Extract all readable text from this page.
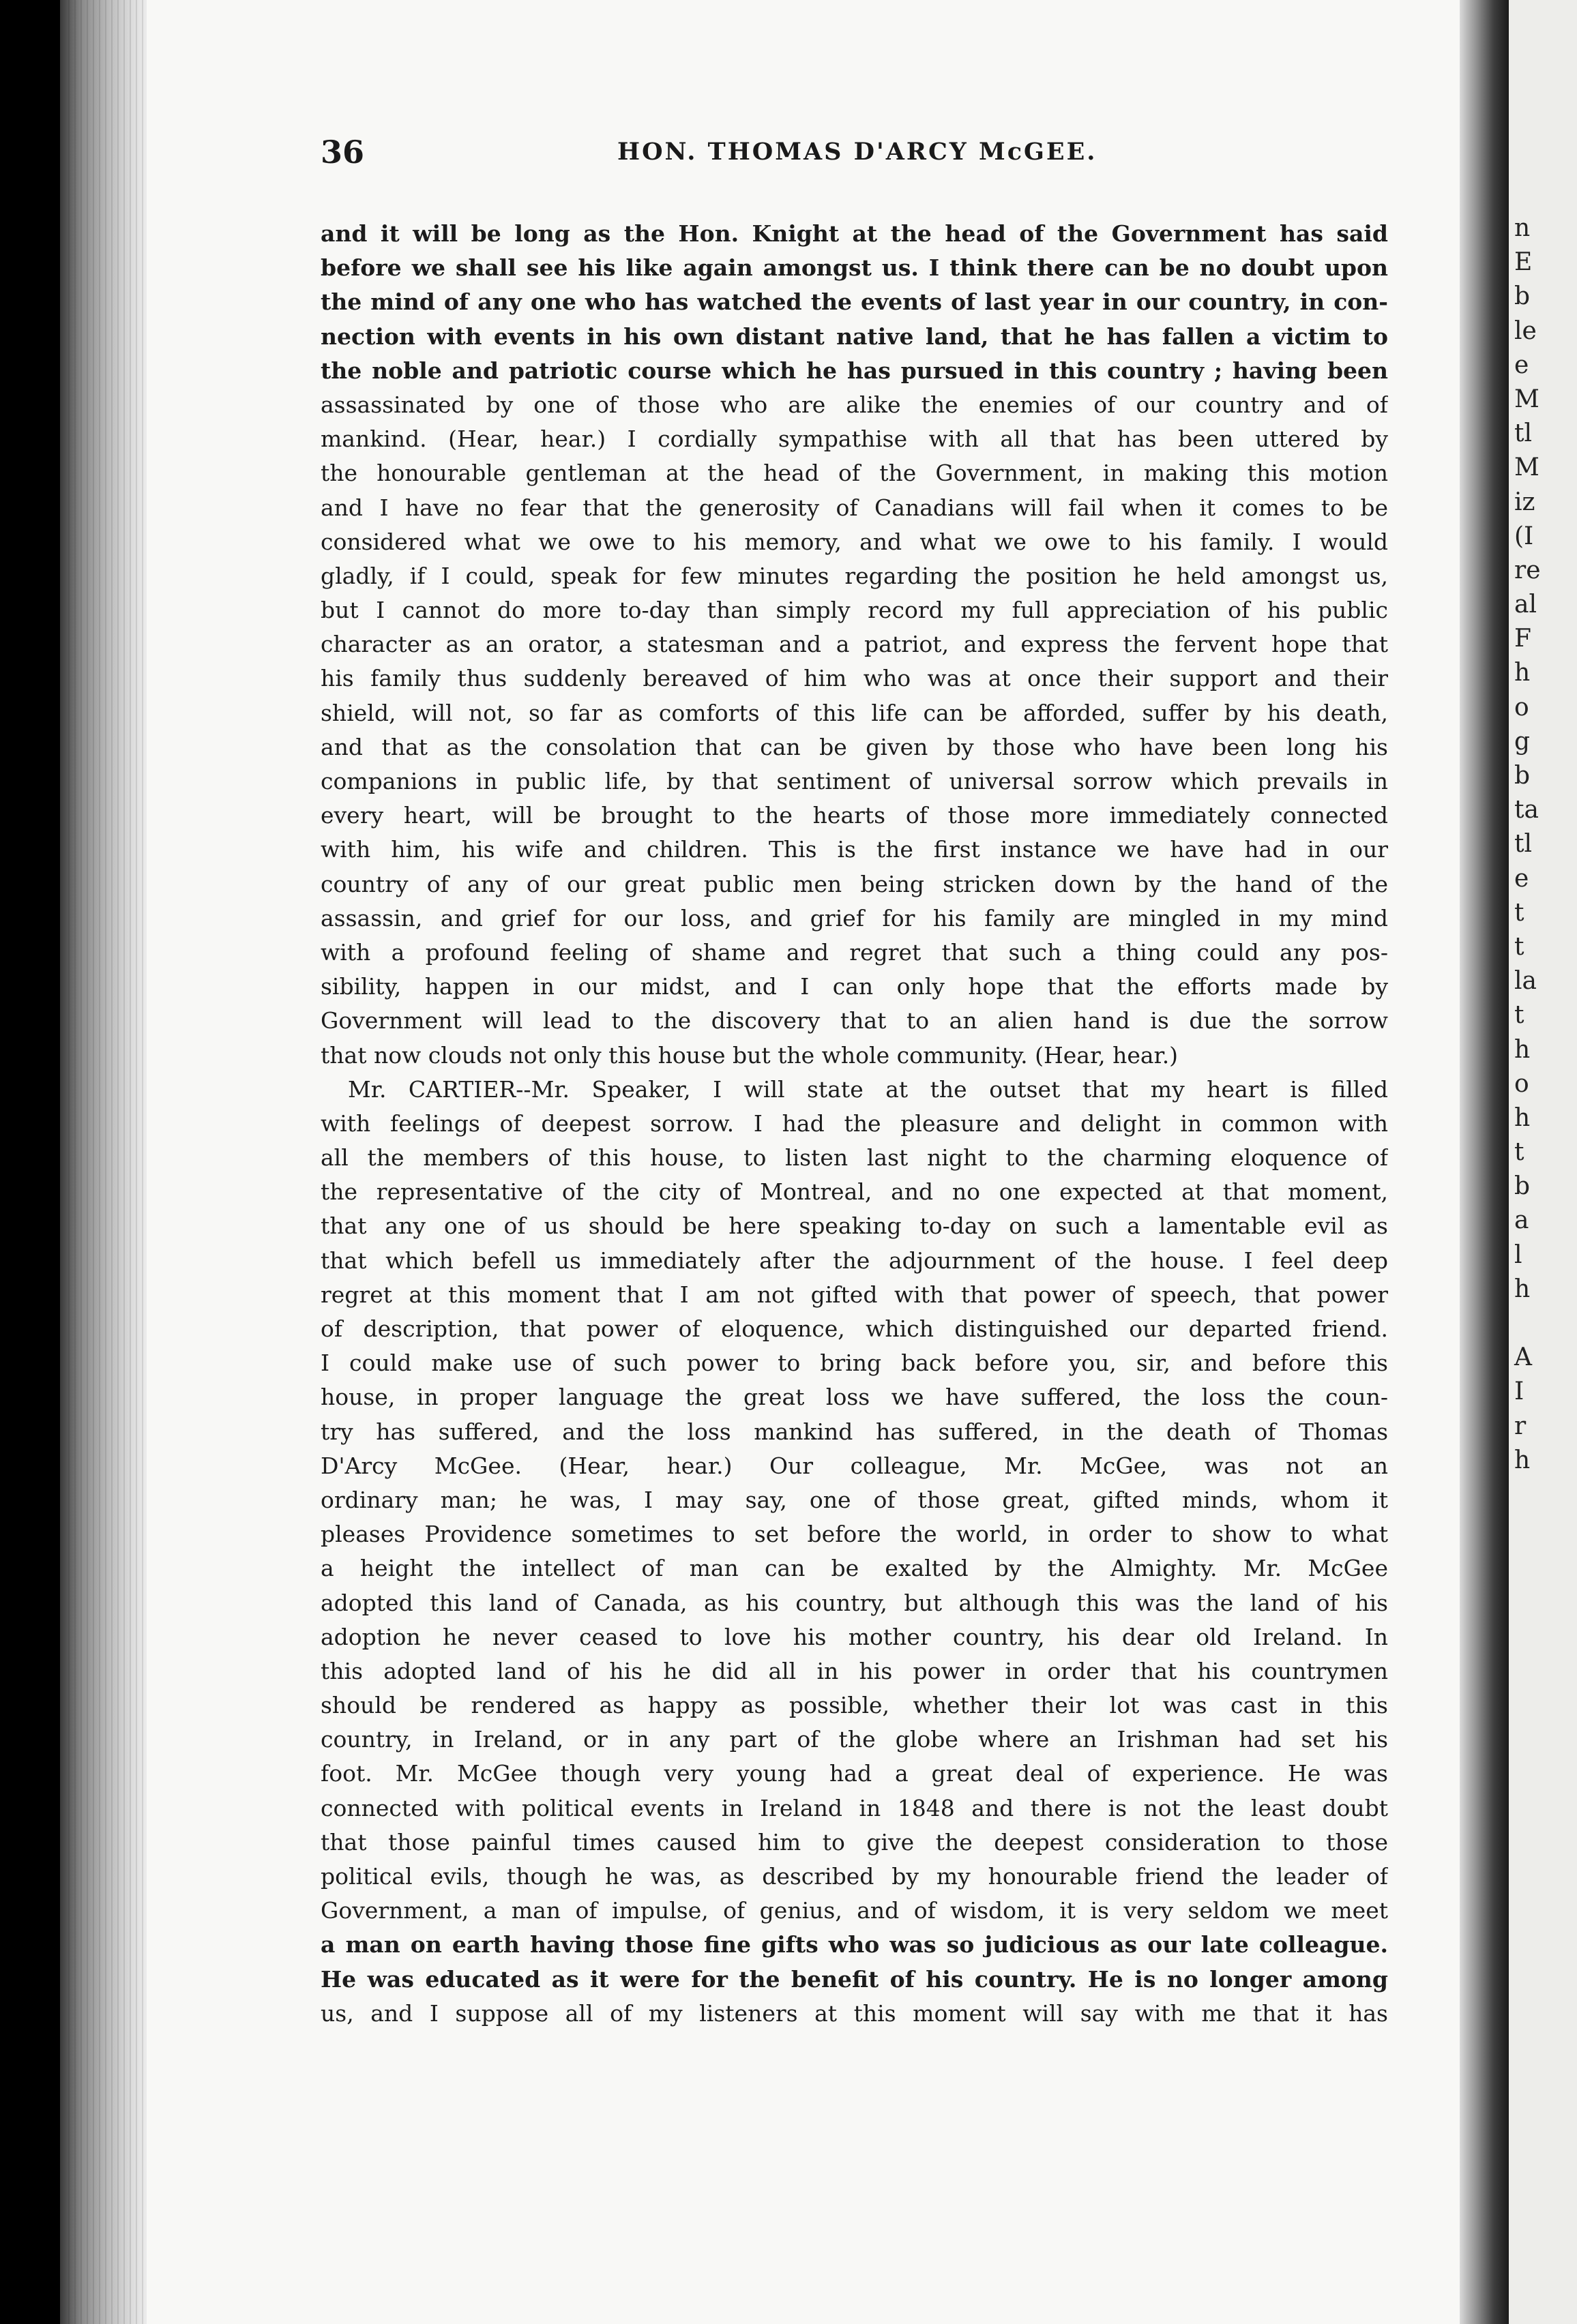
36	HON. THOMAS D'ARCY McGEE.
and it will be long as the Hon. Knight at the head of the Government has said
before we shall see his like again amongst us. I think there can be no doubt upon
the mind of any one who has watched the events of last year in our country, in con-
nection with events in his own distant native land, that he has fallen a victim to
the noble and patriotic course which he has pursued in this country ; having been
assassinated by one of those who are alike the enemies of our country and of
mankind. (Hear, hear.) I cordially sympathise with all that has been uttered by
the honourable gentleman at the head of the Government, in making this motion
and I have no fear that the generosity of Canadians will fail when it comes to be
considered what we owe to his memory, and what we owe to his family. I would
gladly, if I could, speak for few minutes regarding the position he held amongst us,
but I cannot do more to-day than simply record my full appreciation of his public
character as an orator, a statesman and a patriot, and express the fervent hope that
his family thus suddenly bereaved of him who was at once their support and their
shield, will not, so far as comforts of this life can be afforded, suffer by his death,
and that as the consolation that can be given by those who have been long his
companions in public life, by that sentiment of universal sorrow which prevails in
every heart, will be brought to the hearts of those more immediately connected
with him, his wife and children. This is the first instance we have had in our
country of any of our great public men being stricken down by the hand of the
assassin, and grief for our loss, and grief for his family are mingled in my mind
with a profound feeling of shame and regret that such a thing could any pos-
sibility, happen in our midst, and I can only hope that the efforts made by
Government will lead to the discovery that to an alien hand is due the sorrow
that now clouds not only this house but the whole community. (Hear, hear.)
Mr. CARTIER--Mr. Speaker, I will state at the outset that my heart is filled
with feelings of deepest sorrow. I had the pleasure and delight in common with
all the members of this house, to listen last night to the charming eloquence of
the representative of the city of Montreal, and no one expected at that moment,
that any one of us should be here speaking to-day on such a lamentable evil as
that which befell us immediately after the adjournment of the house. I feel deep
regret at this moment that I am not gifted with that power of speech, that power
of description, that power of eloquence, which distinguished our departed friend.
I could make use of such power to bring back before you, sir, and before this
house, in proper language the great loss we have suffered, the loss the coun-
try has suffered, and the loss mankind has suffered, in the death of Thomas
D'Arcy McGee. (Hear, hear.) Our colleague, Mr. McGee, was not an
ordinary man; he was, I may say, one of those great, gifted minds, whom it
pleases Providence sometimes to set before the world, in order to show to what
a height the intellect of man can be exalted by the Almighty. Mr. McGee
adopted this land of Canada, as his country, but although this was the land of his
adoption he never ceased to love his mother country, his dear old Ireland. In
this adopted land of his he did all in his power in order that his countrymen
should be rendered as happy as possible, whether their lot was cast in this
country, in Ireland, or in any part of the globe where an Irishman had set his
foot. Mr. McGee though very young had a great deal of experience. He was
connected with political events in Ireland in 1848 and there is not the least doubt
that those painful times caused him to give the deepest consideration to those
political evils, though he was, as described by my honourable friend the leader of
Government, a man of impulse, of genius, and of wisdom, it is very seldom we meet
a man on earth having those fine gifts who was so judicious as our late colleague.
He was educated as it were for the benefit of his country. He is no longer among
us, and I suppose all of my listeners at this moment will say with me that it has
n
E
b
le
e
M
tl
M
iz
(I
re
al
F
h
o
g
b
ta
tl
e
t
t
la
t
h
o
h
t
b
a
l
h
A
I
r
h
